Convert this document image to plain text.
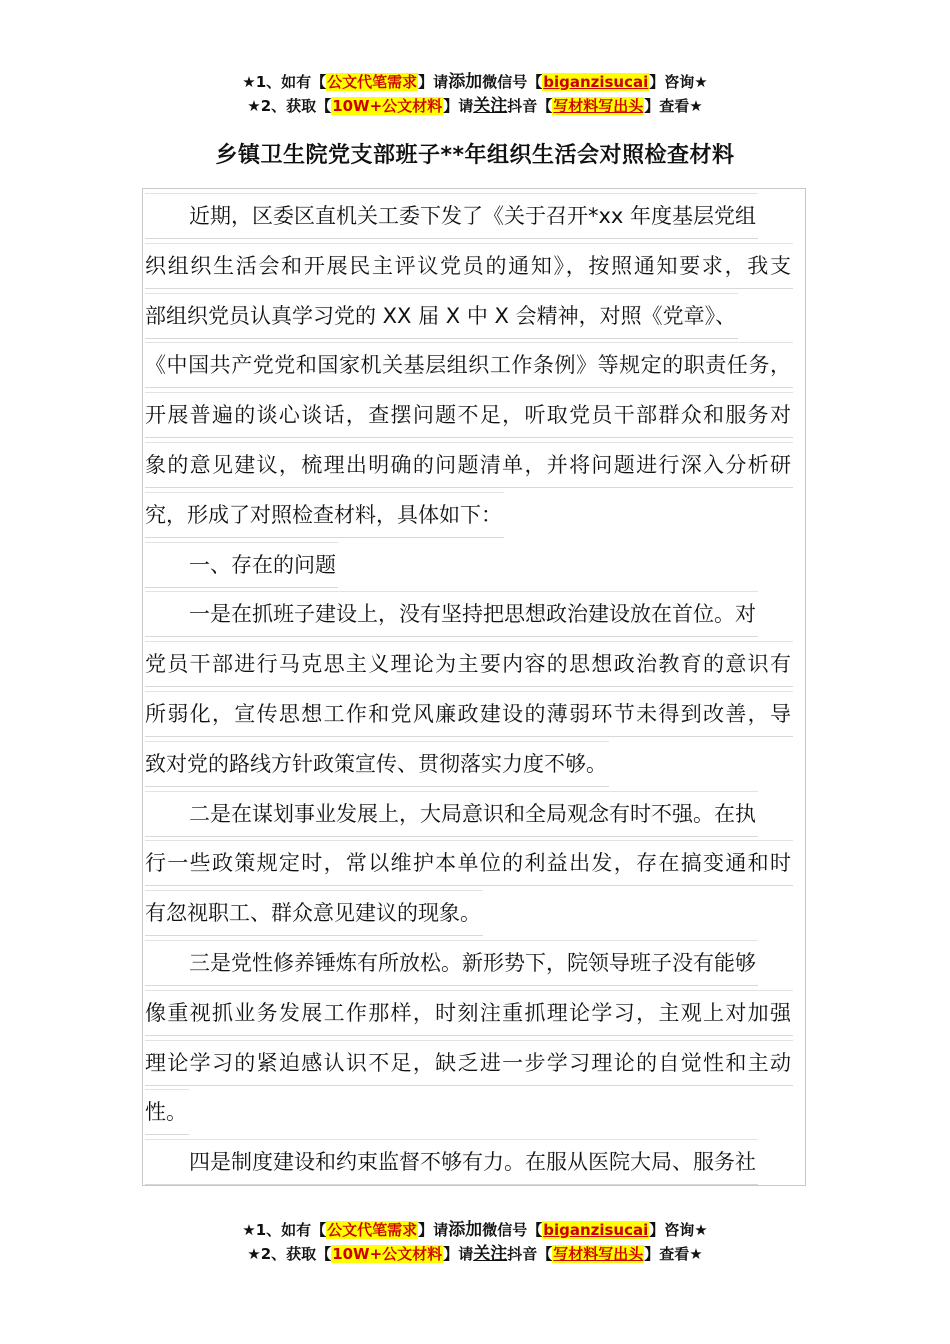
★1、如有【公文代笔需求】请添加微信号【biganzisucai】咨询★
★2、获取【10W+公文材料】请关注抖音【写材料写出头】查看★
乡镇卫生院党支部班子**年组织生活会对照检查材料
近期，区委区直机关工委下发了《关于召开*xx 年度基层党组
织组织生活会和开展民主评议党员的通知》，按照通知要求，我支
部组织党员认真学习党的 XX 届 X 中 X 会精神，对照《党章》、
《中国共产党党和国家机关基层组织工作条例》等规定的职责任务，
开展普遍的谈心谈话，查摆问题不足，听取党员干部群众和服务对
象的意见建议，梳理出明确的问题清单，并将问题进行深入分析研
究，形成了对照检查材料，具体如下：
一、存在的问题
一是在抓班子建设上，没有坚持把思想政治建设放在首位。对
党员干部进行马克思主义理论为主要内容的思想政治教育的意识有
所弱化，宣传思想工作和党风廉政建设的薄弱环节未得到改善，导
致对党的路线方针政策宣传、贯彻落实力度不够。
二是在谋划事业发展上，大局意识和全局观念有时不强。在执
行一些政策规定时，常以维护本单位的利益出发，存在搞变通和时
有忽视职工、群众意见建议的现象。
三是党性修养锤炼有所放松。新形势下，院领导班子没有能够
像重视抓业务发展工作那样，时刻注重抓理论学习，主观上对加强
理论学习的紧迫感认识不足，缺乏进一步学习理论的自觉性和主动
性。
四是制度建设和约束监督不够有力。在服从医院大局、服务社
★1、如有【公文代笔需求】请添加微信号【biganzisucai】咨询★
★2、获取【10W+公文材料】请关注抖音【写材料写出头】查看★
